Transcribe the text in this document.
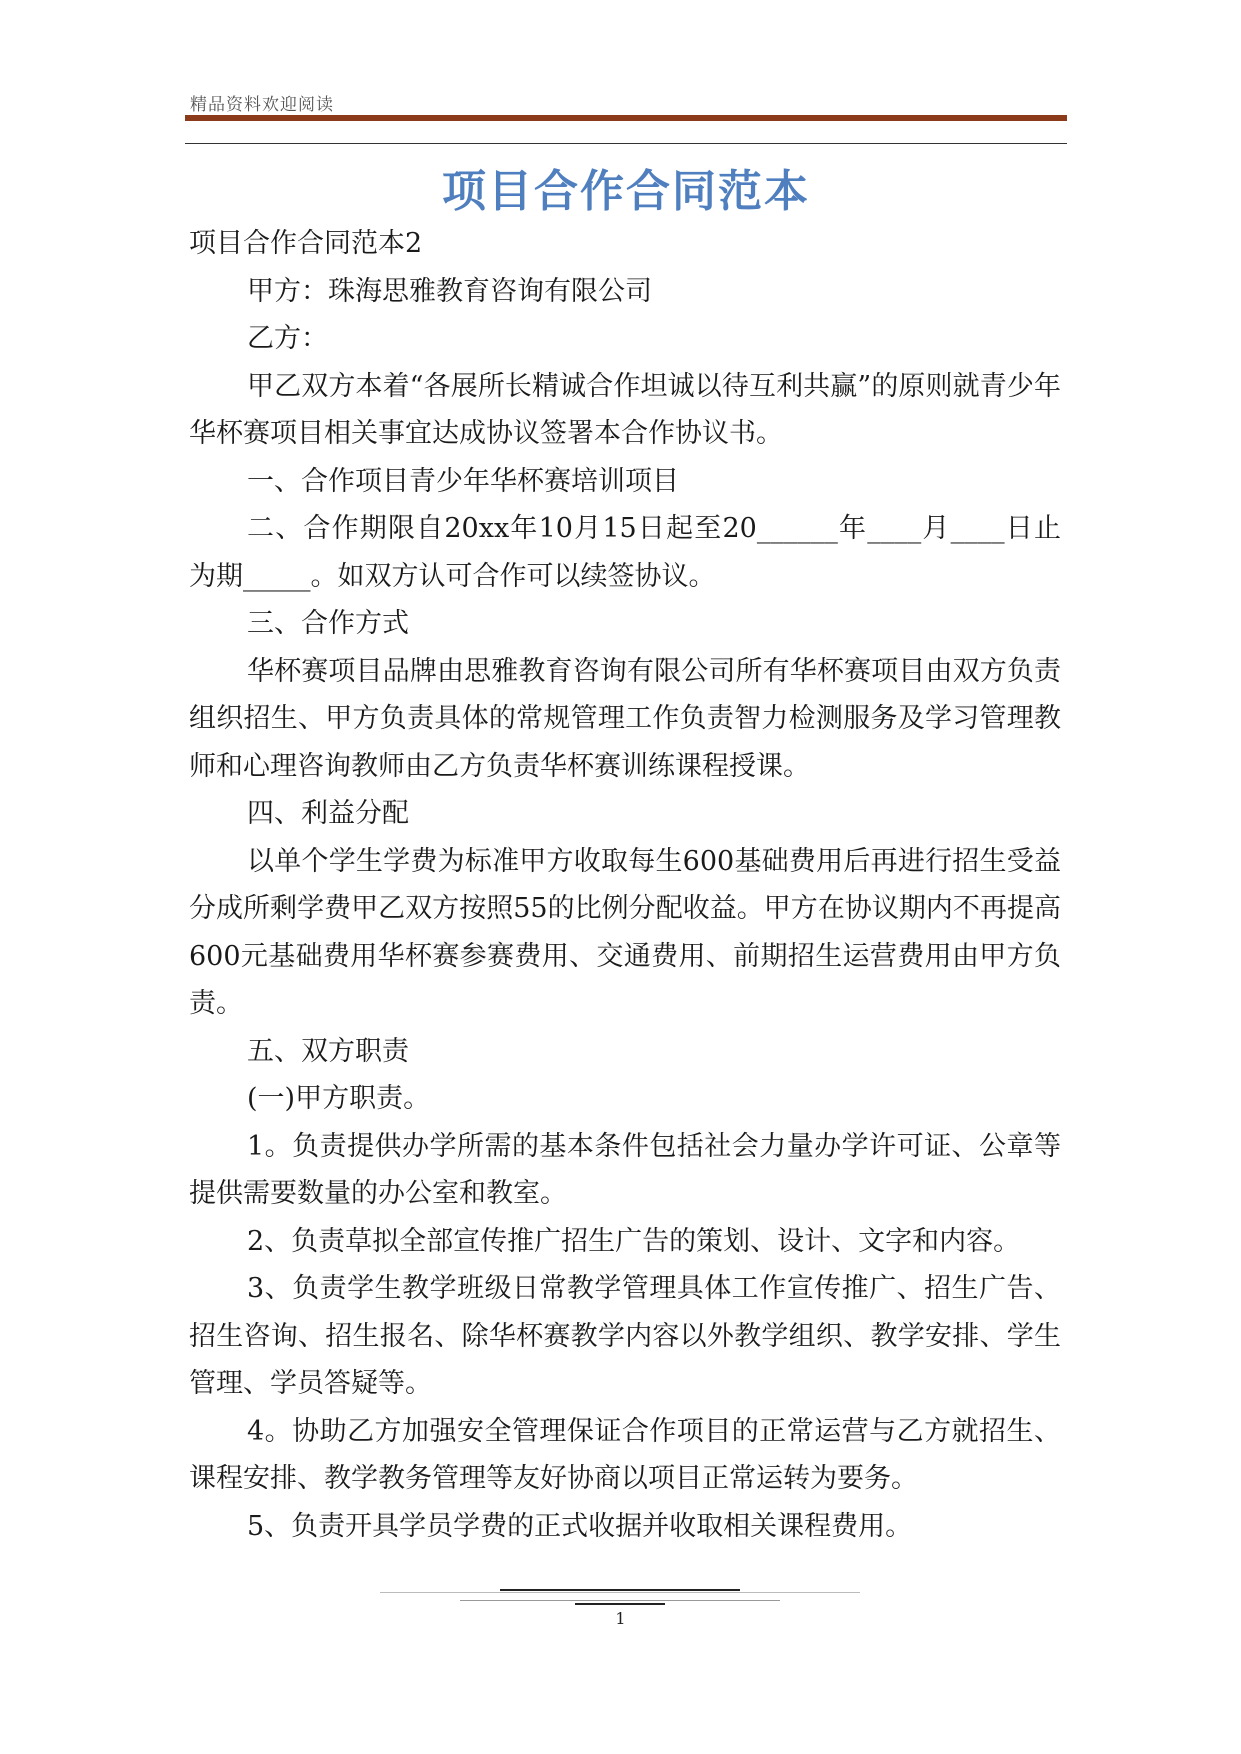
精品资料欢迎阅读
项目合作合同范本

项目合作合同范本2

甲方：珠海思雅教育咨询有限公司

乙方：

甲乙双方本着“各展所长精诚合作坦诚以待互利共赢”的原则就青少年华杯赛项目相关事宜达成协议签署本合作协议书。

一、合作项目青少年华杯赛培训项目

二、合作期限自20xx年10月15日起至20______年____月____日止为期_____。如双方认可合作可以续签协议。

三、合作方式

华杯赛项目品牌由思雅教育咨询有限公司所有华杯赛项目由双方负责组织招生、甲方负责具体的常规管理工作负责智力检测服务及学习管理教师和心理咨询教师由乙方负责华杯赛训练课程授课。

四、利益分配

以单个学生学费为标准甲方收取每生600基础费用后再进行招生受益分成所剩学费甲乙双方按照55的比例分配收益。甲方在协议期内不再提高600元基础费用华杯赛参赛费用、交通费用、前期招生运营费用由甲方负责。

五、双方职责

(一)甲方职责。

1。负责提供办学所需的基本条件包括社会力量办学许可证、公章等提供需要数量的办公室和教室。

2、负责草拟全部宣传推广招生广告的策划、设计、文字和内容。

3、负责学生教学班级日常教学管理具体工作宣传推广、招生广告、招生咨询、招生报名、除华杯赛教学内容以外教学组织、教学安排、学生管理、学员答疑等。

4。协助乙方加强安全管理保证合作项目的正常运营与乙方就招生、课程安排、教学教务管理等友好协商以项目正常运转为要务。

5、负责开具学员学费的正式收据并收取相关课程费用。

1
